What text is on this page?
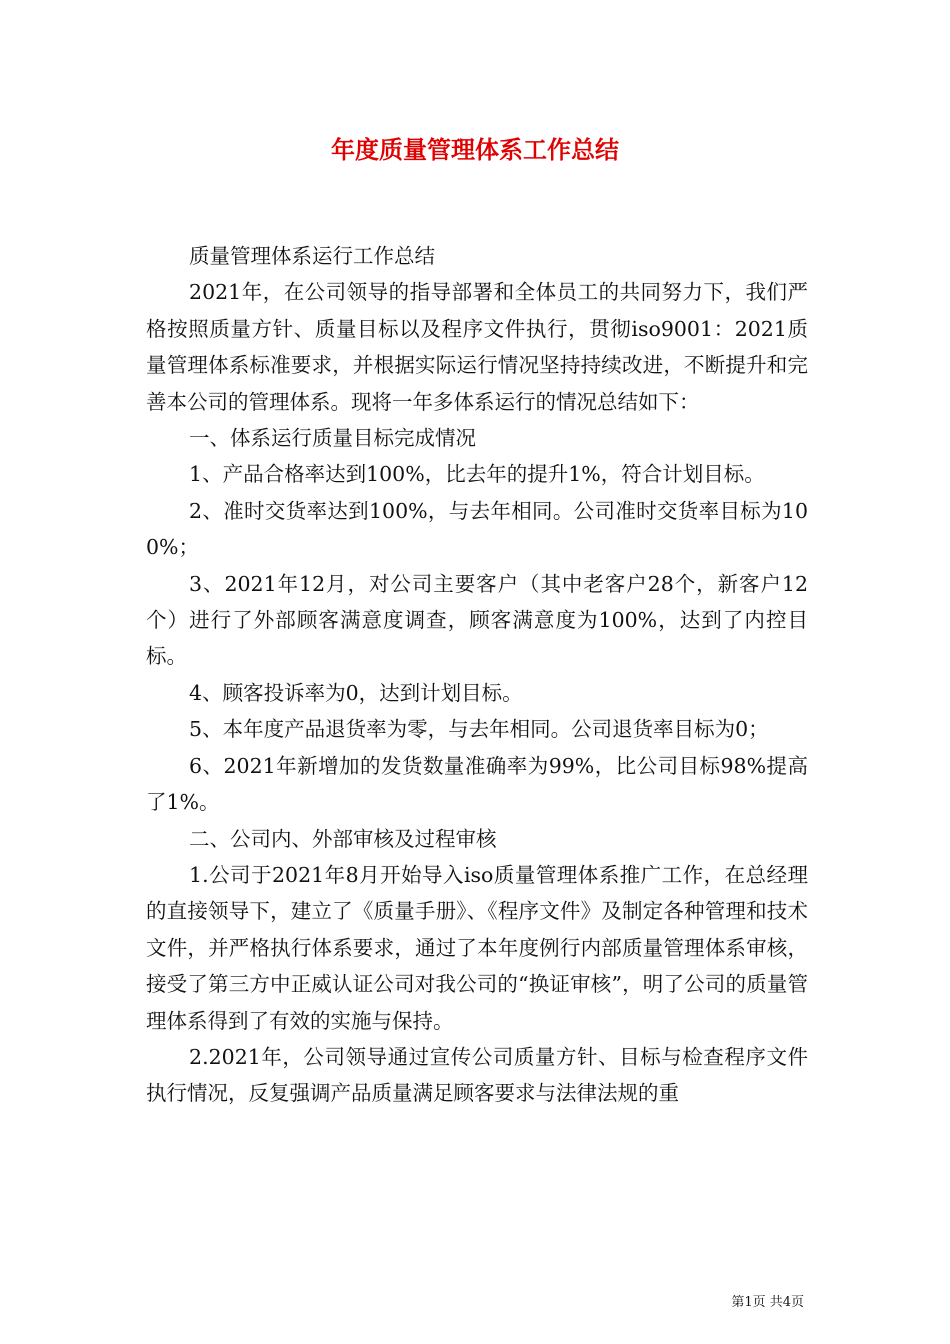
年度质量管理体系工作总结

质量管理体系运行工作总结

2021年，在公司领导的指导部署和全体员工的共同努力下，我们严格按照质量方针、质量目标以及程序文件执行，贯彻iso9001：2021质量管理体系标准要求，并根据实际运行情况坚持持续改进，不断提升和完善本公司的管理体系。现将一年多体系运行的情况总结如下：

一、体系运行质量目标完成情况

1、产品合格率达到100%，比去年的提升1%，符合计划目标。

2、准时交货率达到100%，与去年相同。公司准时交货率目标为100%；

3、2021年12月，对公司主要客户（其中老客户28个，新客户12个）进行了外部顾客满意度调查，顾客满意度为100%，达到了内控目标。

4、顾客投诉率为0，达到计划目标。

5、本年度产品退货率为零，与去年相同。公司退货率目标为0；

6、2021年新增加的发货数量准确率为99%，比公司目标98%提高了1%。

二、公司内、外部审核及过程审核

1.公司于2021年8月开始导入iso质量管理体系推广工作，在总经理的直接领导下，建立了《质量手册》、《程序文件》及制定各种管理和技术文件，并严格执行体系要求，通过了本年度例行内部质量管理体系审核，接受了第三方中正威认证公司对我公司的“换证审核”，明了公司的质量管理体系得到了有效的实施与保持。

2.2021年，公司领导通过宣传公司质量方针、目标与检查程序文件执行情况，反复强调产品质量满足顾客要求与法律法规的重

第1页 共4页
